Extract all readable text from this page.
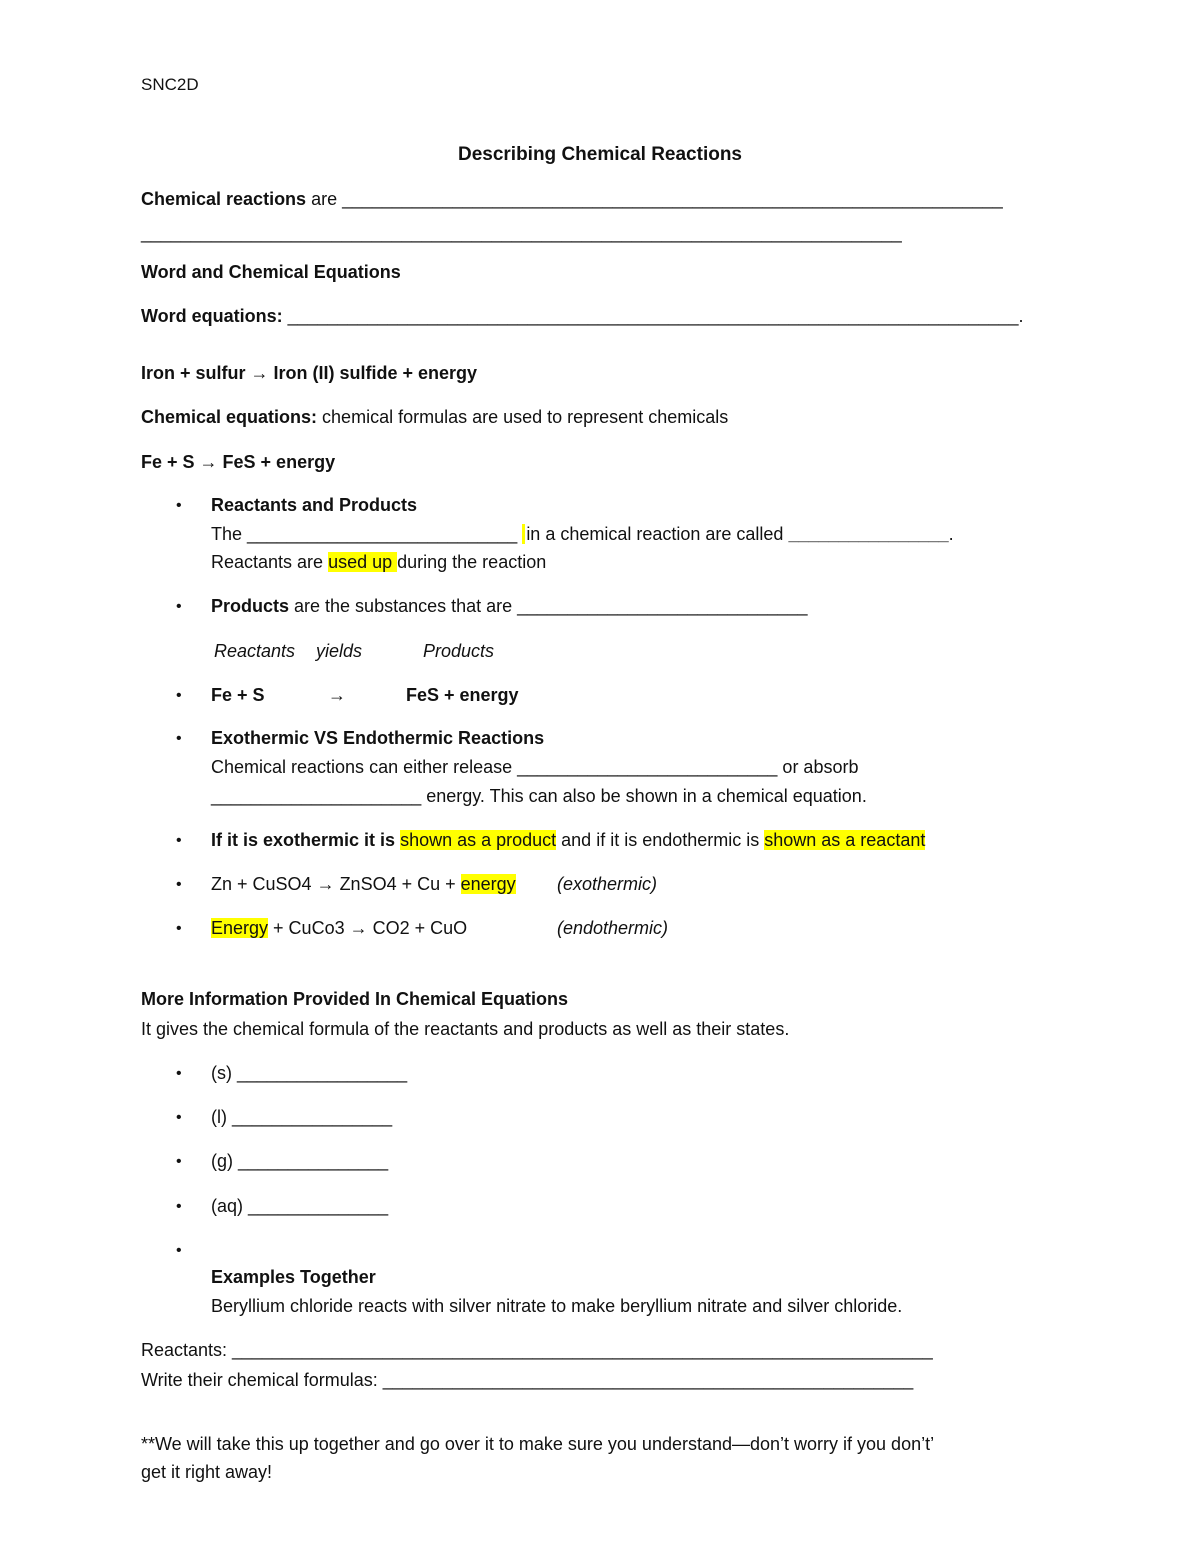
SNC2D
Describing Chemical Reactions
Chemical reactions are __________________________________________________________________
____________________________________________________________________________
Word and Chemical Equations
Word equations: _________________________________________________________________________.
Iron + sulfur → Iron (II) sulfide + energy
Chemical equations: chemical formulas are used to represent chemicals
Fe + S → FeS + energy
•	Reactants and Products
The ___________________________ in a chemical reaction are called ________________.
Reactants are used up during the reaction
•	Products are the substances that are _____________________________
Reactants yields	Products
•	Fe + S	→	FeS + energy
•	Exothermic VS Endothermic Reactions
Chemical reactions can either release __________________________ or absorb
_____________________ energy. This can also be shown in a chemical equation.
•	If it is exothermic it is shown as a product and if it is endothermic is shown as a reactant
•	Zn + CuSO4 → ZnSO4 + Cu + energy (exothermic)
•	Energy + CuCo3 → CO2 + CuO	(endothermic)
More Information Provided In Chemical Equations
It gives the chemical formula of the reactants and products as well as their states.
•	(s) _________________
•	(l) ________________
•	(g) _______________
•	(aq) ______________
•
Examples Together
Beryllium chloride reacts with silver nitrate to make beryllium nitrate and silver chloride.
Reactants: ______________________________________________________________________
Write their chemical formulas: _____________________________________________________
**We will take this up together and go over it to make sure you understand—don’t worry if you don’t’
get it right away!
